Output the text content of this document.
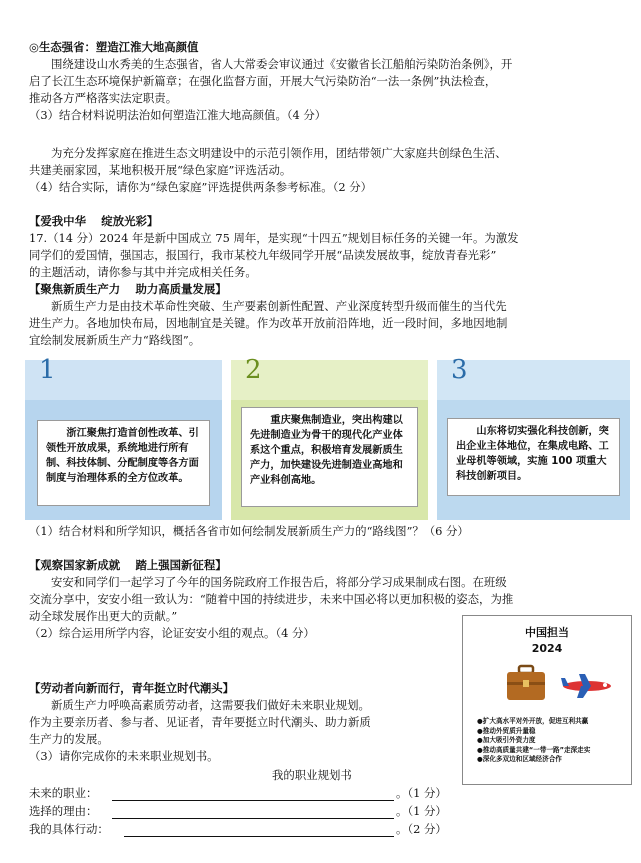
◎生态强省：塑造江淮大地高颜值
围绕建设山水秀美的生态强省，省人大常委会审议通过《安徽省长江船舶污染防治条例》，开
启了长江生态环境保护新篇章；在强化监督方面，开展大气污染防治“一法一条例”执法检查，
推动各方严格落实法定职责。
（3）结合材料说明法治如何塑造江淮大地高颜值。（4 分）
为充分发挥家庭在推进生态文明建设中的示范引领作用，团结带领广大家庭共创绿色生活、
共建美丽家园，某地积极开展“绿色家庭”评选活动。
（4）结合实际，请你为“绿色家庭”评选提供两条参考标准。（2 分）
【爱我中华　 绽放光彩】
17.（14 分）2024 年是新中国成立 75 周年，是实现“十四五”规划目标任务的关键一年。为激发
同学们的爱国情，强国志，报国行，我市某校九年级同学开展“品读发展故事，绽放青春光彩”
的主题活动，请你参与其中并完成相关任务。
【聚焦新质生产力　 助力高质量发展】
新质生产力是由技术革命性突破、生产要素创新性配置、产业深度转型升级而催生的当代先
进生产力。各地加快布局，因地制宜是关键。作为改革开放前沿阵地，近一段时间，多地因地制
宜绘制发展新质生产力“路线图”。
1
浙江聚焦打造首创性改革、引领性开放成果，系统地进行所有制、科技体制、分配制度等各方面制度与治理体系的全方位改革。
2
重庆聚焦制造业，突出构建以先进制造业为骨干的现代化产业体系这个重点，积极培育发展新质生产力，加快建设先进制造业高地和产业科创高地。
3
山东将切实强化科技创新，突出企业主体地位，在集成电路、工业母机等领域，实施 100 项重大科技创新项目。
（1）结合材料和所学知识，概括各省市如何绘制发展新质生产力的“路线图”？（6 分）
【观察国家新成就　 踏上强国新征程】
安安和同学们一起学习了今年的国务院政府工作报告后，将部分学习成果制成右图。在班级
交流分享中，安安小组一致认为：“随着中国的持续进步，未来中国必将以更加积极的姿态，为推
动全球发展作出更大的贡献。”
（2）综合运用所学内容，论证安安小组的观点。（4 分）	中国担当
2024
● 扩大高水平对外开放，促进互利共赢
● 推动外贸质升量稳
● 加大吸引外资力度
● 推动高质量共建“一带一路”走深走实
● 深化多双边和区域经济合作
【劳动者向新而行，青年挺立时代潮头】
新质生产力呼唤高素质劳动者，这需要我们做好未来职业规划。
作为主要亲历者、参与者、见证者，青年要挺立时代潮头、助力新质
生产力的发展。
（3）请你完成你的未来职业规划书。
我的职业规划书
未来的职业：	。（1 分）
选择的理由：	。（1 分）
我的具体行动：	。（2 分）
